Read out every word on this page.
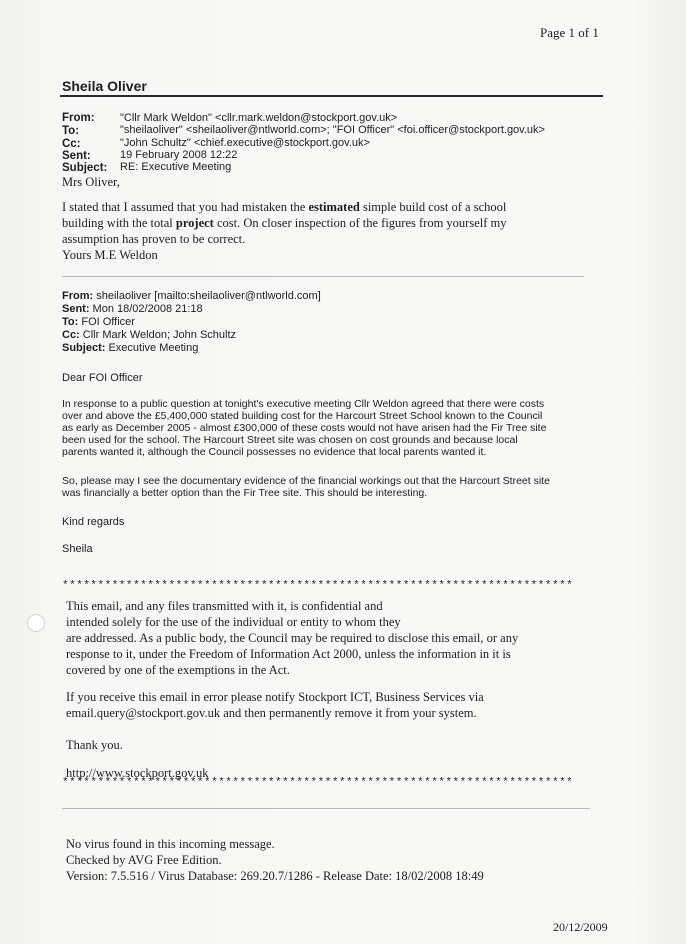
Page 1 of 1
Sheila Oliver
From: "Cllr Mark Weldon" <cllr.mark.weldon@stockport.gov.uk>
To:	"sheilaoliver" <sheilaoliver@ntlworld.com>; "FOI Officer" <foi.officer@stockport.gov.uk>
Cc:	"John Schultz" <chief.executive@stockport.gov.uk>
Sent:	19 February 2008 12:22
Subject: RE: Executive Meeting
Mrs Oliver,
I stated that I assumed that you had mistaken the estimated simple build cost of a school
building with the total project cost. On closer inspection of the figures from yourself my
assumption has proven to be correct.
Yours M.E Weldon
From: sheilaoliver [mailto:sheilaoliver@ntlworld.com]
Sent: Mon 18/02/2008 21:18
To: FOI Officer
Cc: Cllr Mark Weldon; John Schultz
Subject: Executive Meeting
Dear FOI Officer
In response to a public question at tonight's executive meeting Cllr Weldon agreed that there were costs
over and above the £5,400,000 stated building cost for the Harcourt Street School known to the Council
as early as December 2005 - almost £300,000 of these costs would not have arisen had the Fir Tree site
been used for the school. The Harcourt Street site was chosen on cost grounds and because local
parents wanted it, although the Council possesses no evidence that local parents wanted it.
So, please may I see the documentary evidence of the financial workings out that the Harcourt Street site
was financially a better option than the Fir Tree site. This should be interesting.
Kind regards
Sheila
************************************************************************
This email, and any files transmitted with it, is confidential and
intended solely for the use of the individual or entity to whom they
are addressed. As a public body, the Council may be required to disclose this email, or any
response to it, under the Freedom of Information Act 2000, unless the information in it is
covered by one of the exemptions in the Act.
If you receive this email in error please notify Stockport ICT, Business Services via
email.query@stockport.gov.uk and then permanently remove it from your system.
Thank you.
http://www.stockport.gov.uk
************************************************************************
No virus found in this incoming message.
Checked by AVG Free Edition.
Version: 7.5.516 / Virus Database: 269.20.7/1286 - Release Date: 18/02/2008 18:49
20/12/2009
